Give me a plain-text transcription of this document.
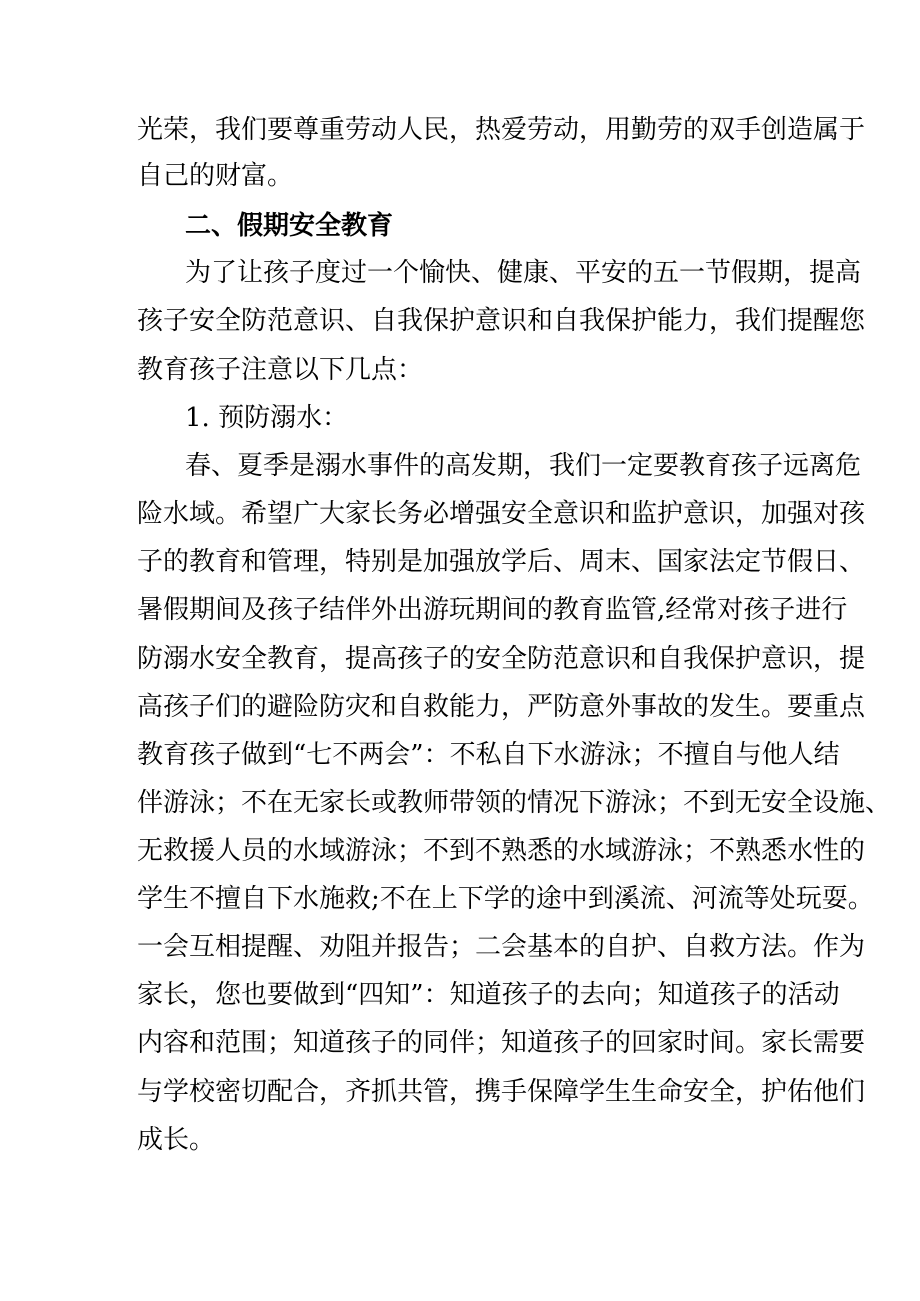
光荣，我们要尊重劳动人民，热爱劳动，用勤劳的双手创造属于
自己的财富。
二、假期安全教育
为了让孩子度过一个愉快、健康、平安的五一节假期，提高
孩子安全防范意识、自我保护意识和自我保护能力，我们提醒您
教育孩子注意以下几点：
1. 预防溺水：
春、夏季是溺水事件的高发期，我们一定要教育孩子远离危
险水域。希望广大家长务必增强安全意识和监护意识，加强对孩
子的教育和管理，特别是加强放学后、周末、国家法定节假日、
暑假期间及孩子结伴外出游玩期间的教育监管,经常对孩子进行
防溺水安全教育，提高孩子的安全防范意识和自我保护意识，提
高孩子们的避险防灾和自救能力，严防意外事故的发生。要重点
教育孩子做到“七不两会”：不私自下水游泳；不擅自与他人结
伴游泳；不在无家长或教师带领的情况下游泳；不到无安全设施、
无救援人员的水域游泳；不到不熟悉的水域游泳；不熟悉水性的
学生不擅自下水施救;不在上下学的途中到溪流、河流等处玩耍。
一会互相提醒、劝阻并报告；二会基本的自护、自救方法。作为
家长，您也要做到“四知”：知道孩子的去向；知道孩子的活动
内容和范围；知道孩子的同伴；知道孩子的回家时间。家长需要
与学校密切配合，齐抓共管，携手保障学生生命安全，护佑他们
成长。
